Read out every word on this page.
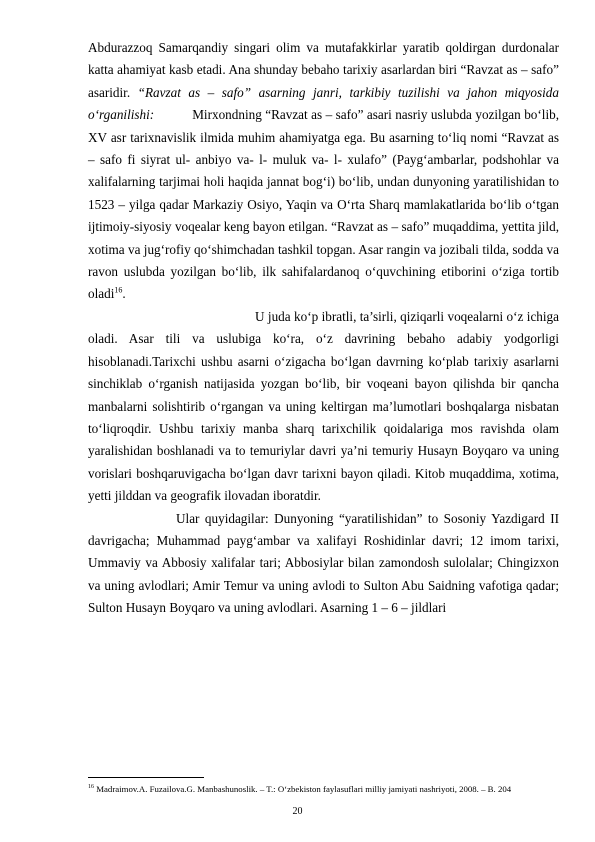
Abdurazzoq Samarqandiy singari olim va mutafakkirlar yaratib qoldirgan durdonalar katta ahamiyat kasb etadi. Ana shunday bebaho tarixiy asarlardan biri “Ravzat as – safo” asaridir. “Ravzat as – safo” asarning janri, tarkibiy tuzilishi va jahon miqyosida o‘rganilishi:	Mirxondning “Ravzat as – safo” asari nasriy uslubda yozilgan bo‘lib, XV asr tarixnavislik ilmida muhim ahamiyatga ega. Bu asarning to‘liq nomi “Ravzat as – safo fi siyrat ul- anbiyo va- l- muluk va- l- xulafo” (Payg‘ambarlar, podshohlar va xalifalarning tarjimai holi haqida jannat bog‘i) bo‘lib, undan dunyoning yaratilishidan to 1523 – yilga qadar Markaziy Osiyo, Yaqin va O‘rta Sharq mamlakatlarida bo‘lib o‘tgan ijtimoiy-siyosiy voqealar keng bayon etilgan. “Ravzat as – safo” muqaddima, yettita jild, xotima va jug‘rofiy qo‘shimchadan tashkil topgan. Asar rangin va jozibali tilda, sodda va ravon uslubda yozilgan bo‘lib, ilk sahifalardanoq o‘quvchining etiborini o‘ziga tortib oladi$^{16}$.

U juda ko‘p ibratli, ta’sirli, qiziqarli voqealarni o‘z ichiga oladi. Asar tili va uslubiga ko‘ra, o‘z davrining bebaho adabiy yodgorligi hisoblanadi.Tarixchi ushbu asarni o‘zigacha bo‘lgan davrning ko‘plab tarixiy asarlarni sinchiklab o‘rganish natijasida yozgan bo‘lib, bir voqeani bayon qilishda bir qancha manbalarni solishtirib o‘rgangan va uning keltirgan ma’lumotlari boshqalarga nisbatan to‘liqroqdir. Ushbu tarixiy manba sharq tarixchilik qoidalariga mos ravishda olam yaralishidan boshlanadi va to temuriylar davri ya’ni temuriy Husayn Boyqaro va uning vorislari boshqaruvigacha bo‘lgan davr tarixni bayon qiladi. Kitob muqaddima, xotima, yetti jilddan va geografik ilovadan iboratdir.

Ular quyidagilar: Dunyoning “yaratilishidan” to Sosoniy Yazdigard II davrigacha; Muhammad payg‘ambar va xalifayi Roshidinlar davri; 12 imom tarixi, Ummaviy va Abbosiy xalifalar tari; Abbosiylar bilan zamondosh sulolalar; Chingizxon va uning avlodlari; Amir Temur va uning avlodi to Sulton Abu Saidning vafotiga qadar; Sulton Husayn Boyqaro va uning avlodlari. Asarning 1 – 6 – jildlari

$^{16}$ Madraimov.A. Fuzailova.G. Manbashunoslik. – T.: O‘zbekiston faylasuflari milliy jamiyati nashriyoti, 2008. – B. 204
20
